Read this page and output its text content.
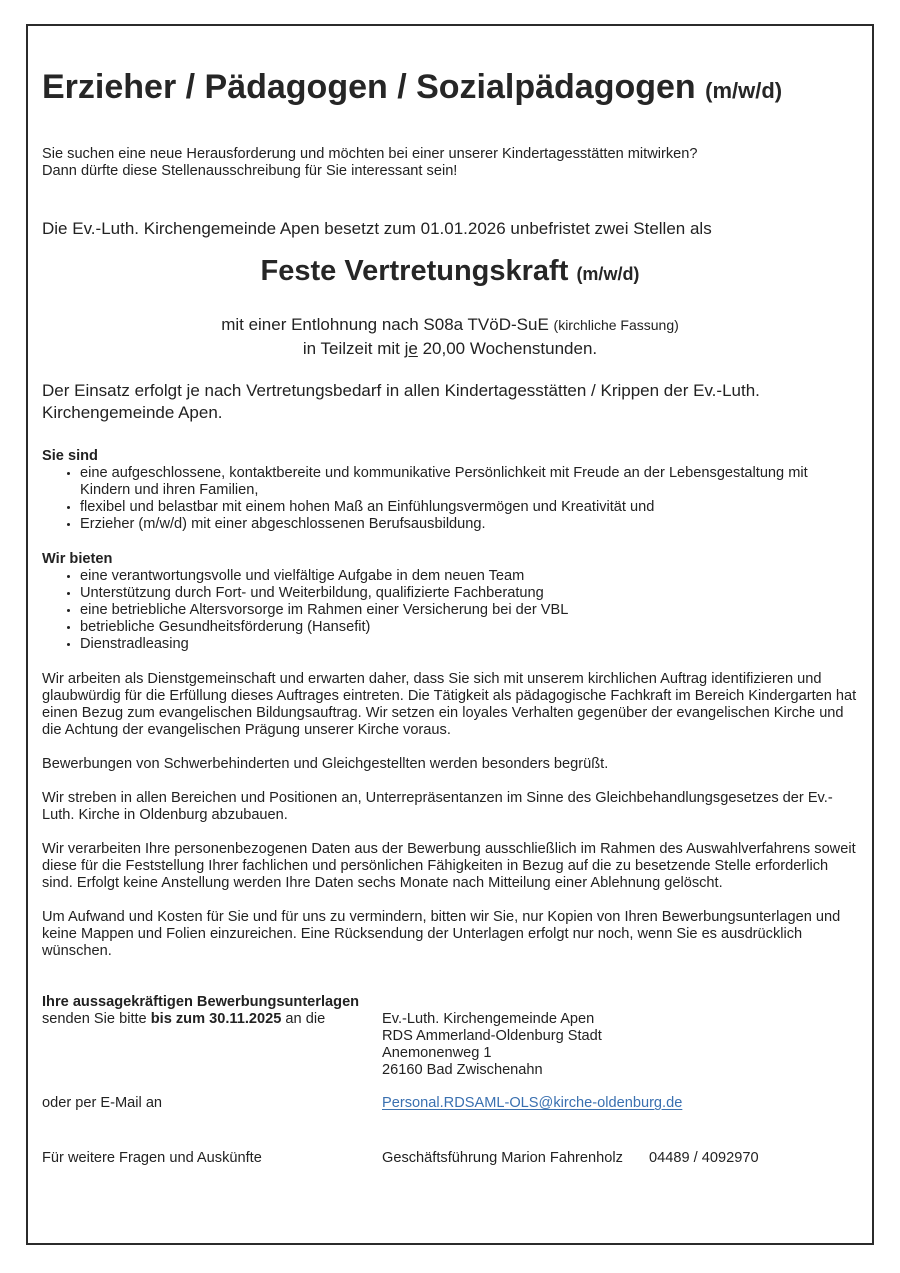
Erzieher / Pädagogen / Sozialpädagogen (m/w/d)

Sie suchen eine neue Herausforderung und möchten bei einer unserer Kindertagesstätten mitwirken?

Dann dürfte diese Stellenausschreibung für Sie interessant sein!

Die Ev.-Luth. Kirchengemeinde Apen besetzt zum 01.01.2026 unbefristet zwei Stellen als

Feste Vertretungskraft (m/w/d)

mit einer Entlohnung nach S08a TVöD-SuE (kirchliche Fassung)

in Teilzeit mit je 20,00 Wochenstunden.

Der Einsatz erfolgt je nach Vertretungsbedarf in allen Kindertagesstätten / Krippen der Ev.-Luth. Kirchengemeinde Apen.

Sie sind

• eine aufgeschlossene, kontaktbereite und kommunikative Persönlichkeit mit Freude an der Lebensgestaltung mit Kindern und ihren Familien,
• flexibel und belastbar mit einem hohen Maß an Einfühlungsvermögen und Kreativität und
• Erzieher (m/w/d) mit einer abgeschlossenen Berufsausbildung.

Wir bieten

• eine verantwortungsvolle und vielfältige Aufgabe in dem neuen Team
• Unterstützung durch Fort- und Weiterbildung, qualifizierte Fachberatung
• eine betriebliche Altersvorsorge im Rahmen einer Versicherung bei der VBL
• betriebliche Gesundheitsförderung (Hansefit)
• Dienstradleasing

Wir arbeiten als Dienstgemeinschaft und erwarten daher, dass Sie sich mit unserem kirchlichen Auftrag identifizieren und glaubwürdig für die Erfüllung dieses Auftrages eintreten. Die Tätigkeit als pädagogische Fachkraft im Bereich Kindergarten hat einen Bezug zum evangelischen Bildungsauftrag. Wir setzen ein loyales Verhalten gegenüber der evangelischen Kirche und die Achtung der evangelischen Prägung unserer Kirche voraus.

Bewerbungen von Schwerbehinderten und Gleichgestellten werden besonders begrüßt.

Wir streben in allen Bereichen und Positionen an, Unterrepräsentanzen im Sinne des Gleichbehandlungsgesetzes der Ev.-Luth. Kirche in Oldenburg abzubauen.

Wir verarbeiten Ihre personenbezogenen Daten aus der Bewerbung ausschließlich im Rahmen des Auswahlverfahrens soweit diese für die Feststellung Ihrer fachlichen und persönlichen Fähigkeiten in Bezug auf die zu besetzende Stelle erforderlich sind. Erfolgt keine Anstellung werden Ihre Daten sechs Monate nach Mitteilung einer Ablehnung gelöscht.

Um Aufwand und Kosten für Sie und für uns zu vermindern, bitten wir Sie, nur Kopien von Ihren Bewerbungsunterlagen und keine Mappen und Folien einzureichen. Eine Rücksendung der Unterlagen erfolgt nur noch, wenn Sie es ausdrücklich wünschen.

Ihre aussagekräftigen Bewerbungsunterlagen

senden Sie bitte bis zum 30.11.2025 an die	Ev.-Luth. Kirchengemeinde Apen

RDS Ammerland-Oldenburg Stadt

Anemonenweg 1

26160 Bad Zwischenahn

oder per E-Mail an	Personal.RDSAML-OLS@kirche-oldenburg.de
Für weitere Fragen und Auskünfte	Geschäftsführung Marion Fahrenholz 04489 / 4092970
